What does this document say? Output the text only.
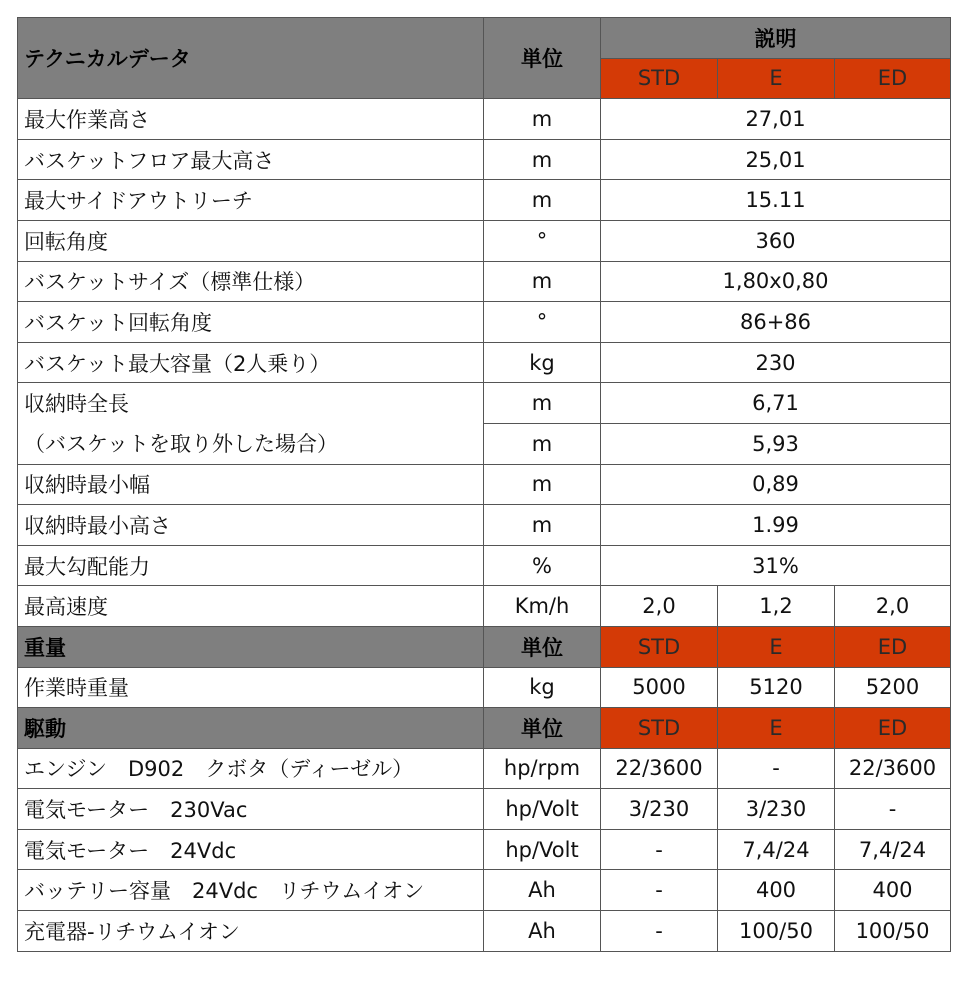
テクニカルデータ	単位	説明		
		STD	E	ED
最大作業高さ	m	27,01		
バスケットフロア最大高さ	m	25,01		
最大サイドアウトリーチ	m	15.11		
回転角度	°	360		
バスケットサイズ（標準仕様）	m	1,80x0,80		
バスケット回転角度	°	86+86		
バスケット最大容量（2人乗り）	kg	230		
収納時全長	m	6,71		
（バスケットを取り外した場合）	m	5,93		
収納時最小幅	m	0,89		
収納時最小高さ	m	1.99		
最大勾配能力	%	31%		
最高速度	Km/h	2,0	1,2	2,0
重量	単位	STD	E	ED
作業時重量	kg	5000	5120	5200
駆動	単位	STD	E	ED
エンジン　D902　クボタ（ディーゼル）	hp/rpm	22/3600	-	22/3600
電気モーター　230Vac	hp/Volt	3/230	3/230	-
電気モーター　24Vdc	hp/Volt	-	7,4/24	7,4/24
バッテリー容量　24Vdc　リチウムイオン	Ah	-	400	400
充電器-リチウムイオン	Ah	-	100/50	100/50
